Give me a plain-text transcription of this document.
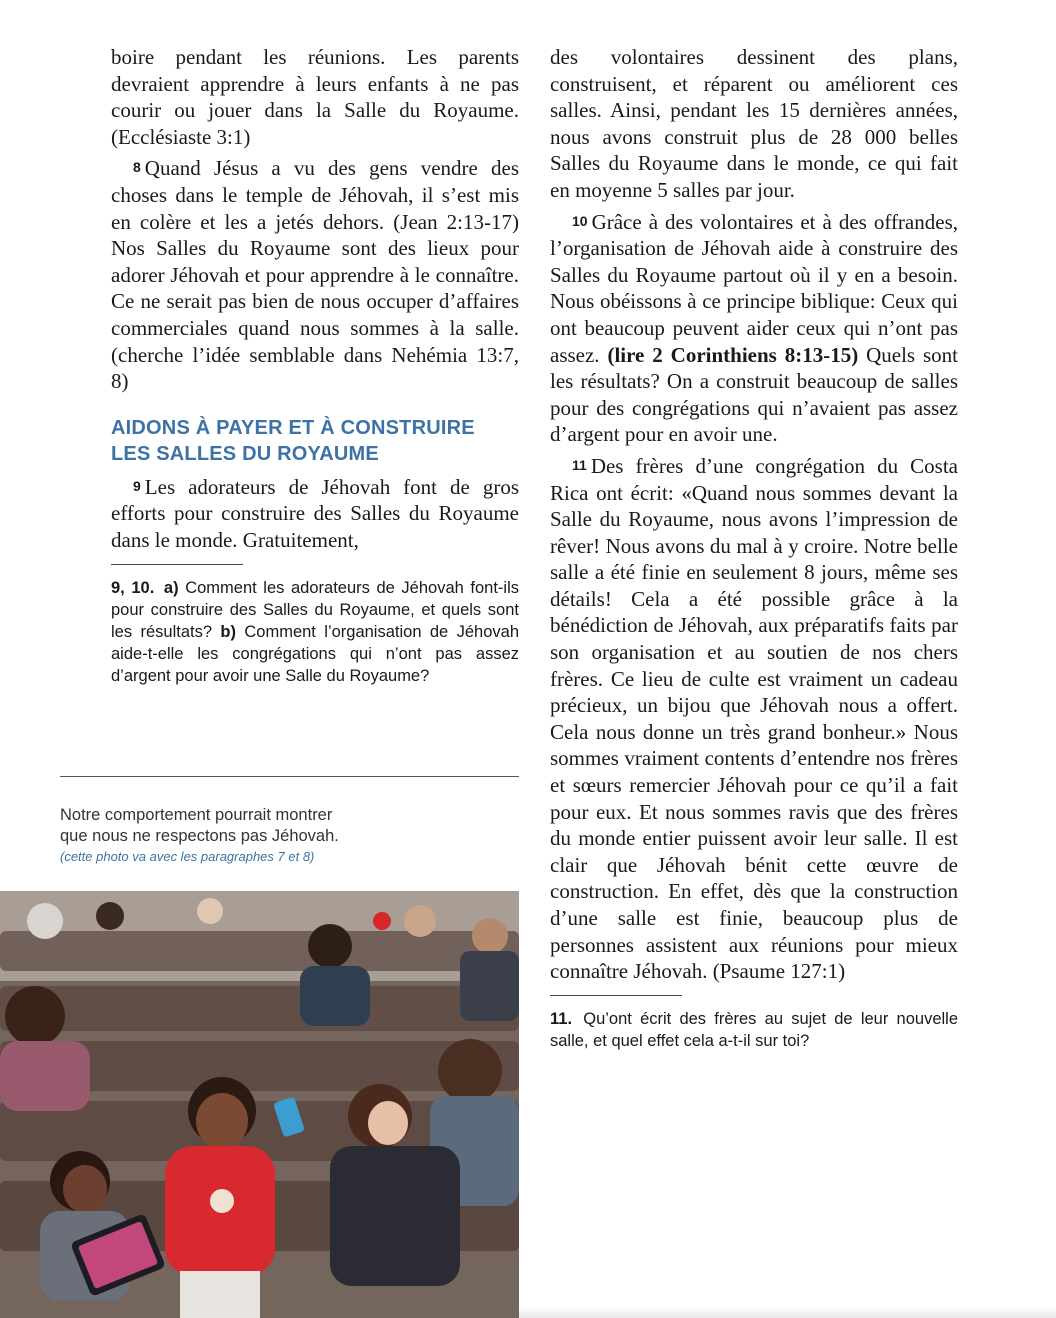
boire pendant les réunions. Les parents devraient apprendre à leurs enfants à ne pas courir ou jouer dans la Salle du Royaume. (Ecclésiaste 3:1)

8 Quand Jésus a vu des gens vendre des choses dans le temple de Jéhovah, il s’est mis en colère et les a jetés dehors. (Jean 2:13-17) Nos Salles du Royaume sont des lieux pour adorer Jéhovah et pour apprendre à le connaître. Ce ne serait pas bien de nous occuper d’affaires commerciales quand nous sommes à la salle. (cherche l’idée semblable dans Nehémia 13:7, 8)

AIDONS À PAYER ET À CONSTRUIRE
LES SALLES DU ROYAUME

9 Les adorateurs de Jéhovah font de gros efforts pour construire des Salles du Royaume dans le monde. Gratuitement,

9, 10. a) Comment les adorateurs de Jéhovah font-ils pour construire des Salles du Royaume, et quels sont les résultats? b) Comment l’organisation de Jéhovah aide-t-elle les congrégations qui n’ont pas assez d’argent pour avoir une Salle du Royaume?

Notre comportement pourrait montrer
que nous ne respectons pas Jéhovah.
(cette photo va avec les paragraphes 7 et 8)

des volontaires dessinent des plans, construisent, et réparent ou améliorent ces salles. Ainsi, pendant les 15 dernières années, nous avons construit plus de 28 000 belles Salles du Royaume dans le monde, ce qui fait en moyenne 5 salles par jour.

10 Grâce à des volontaires et à des offrandes, l’organisation de Jéhovah aide à construire des Salles du Royaume partout où il y en a besoin. Nous obéissons à ce principe biblique: Ceux qui ont beaucoup peuvent aider ceux qui n’ont pas assez. (lire 2 Corinthiens 8:13-15) Quels sont les résultats? On a construit beaucoup de salles pour des congrégations qui n’avaient pas assez d’argent pour en avoir une.

11 Des frères d’une congrégation du Costa Rica ont écrit: «Quand nous sommes devant la Salle du Royaume, nous avons l’impression de rêver! Nous avons du mal à y croire. Notre belle salle a été finie en seulement 8 jours, même ses détails! Cela a été possible grâce à la bénédiction de Jéhovah, aux préparatifs faits par son organisation et au soutien de nos chers frères. Ce lieu de culte est vraiment un cadeau précieux, un bijou que Jéhovah nous a offert. Cela nous donne un très grand bonheur.» Nous sommes vraiment contents d’entendre nos frères et sœurs remercier Jéhovah pour ce qu’il a fait pour eux. Et nous sommes ravis que des frères du monde entier puissent avoir leur salle. Il est clair que Jéhovah bénit cette œuvre de construction. En effet, dès que la construction d’une salle est finie, beaucoup plus de personnes assistent aux réunions pour mieux connaître Jéhovah. (Psaume 127:1)

11. Qu’ont écrit des frères au sujet de leur nouvelle salle, et quel effet cela a-t-il sur toi?
